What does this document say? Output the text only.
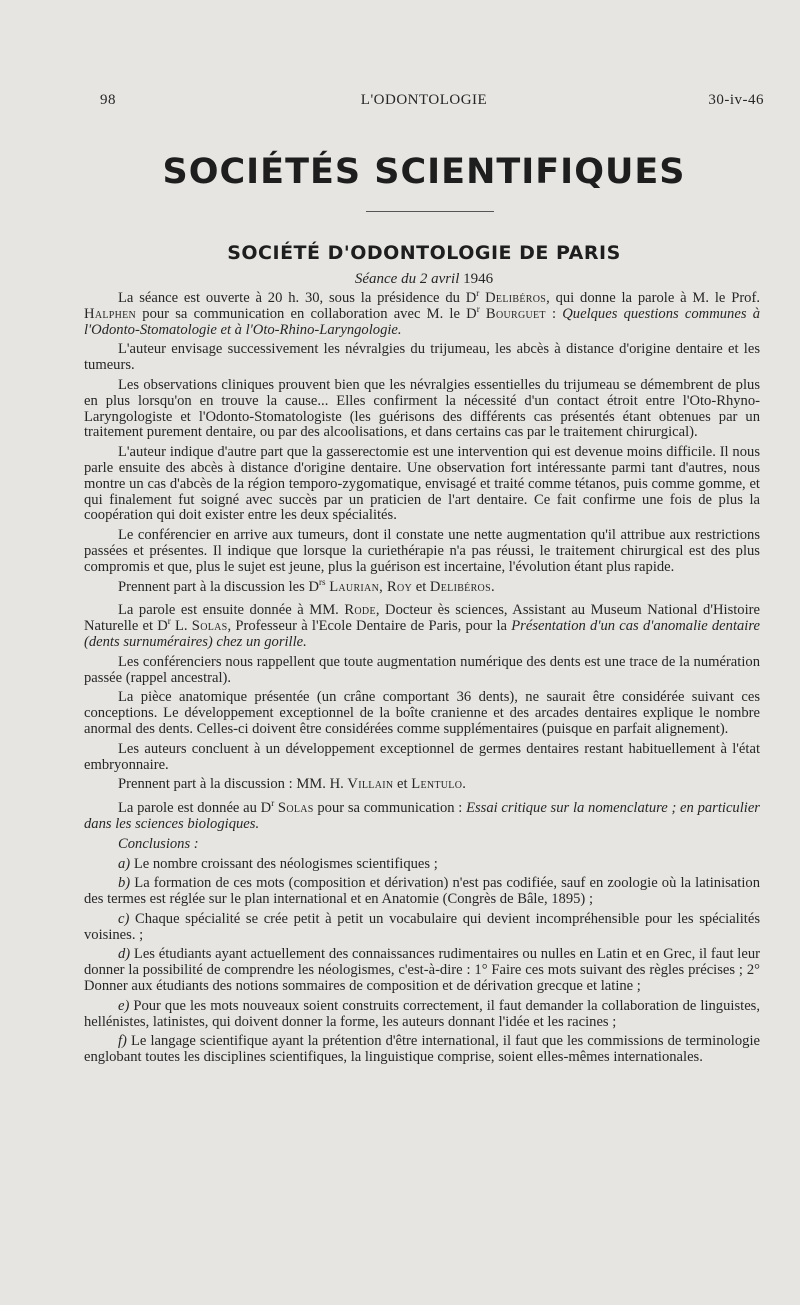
98	L'ODONTOLOGIE	30-iv-46
SOCIÉTÉS SCIENTIFIQUES
SOCIÉTÉ D'ODONTOLOGIE DE PARIS
Séance du 2 avril 1946

La séance est ouverte à 20 h. 30, sous la présidence du $D^r$ Delibéros, qui donne la parole à M. le Prof. Halphen pour sa communication en collaboration avec M. le $D^r$ Bourguet : Quelques questions communes à l'Odonto-Stomatologie et à l'Oto-Rhino-Laryngologie.

L'auteur envisage successivement les névralgies du trijumeau, les abcès à distance d'origine dentaire et les tumeurs.

Les observations cliniques prouvent bien que les névralgies essentielles du trijumeau se démembrent de plus en plus lorsqu'on en trouve la cause... Elles confirment la nécessité d'un contact étroit entre l'Oto-Rhyno-Laryngologiste et l'Odonto-Stomatologiste (les guérisons des différents cas présentés étant obtenues par un traitement purement dentaire, ou par des alcoolisations, et dans certains cas par le traitement chirurgical).

L'auteur indique d'autre part que la gasserectomie est une intervention qui est devenue moins difficile. Il nous parle ensuite des abcès à distance d'origine dentaire. Une observation fort intéressante parmi tant d'autres, nous montre un cas d'abcès de la région temporo-zygomatique, envisagé et traité comme tétanos, puis comme gomme, et qui finalement fut soigné avec succès par un praticien de l'art dentaire. Ce fait confirme une fois de plus la coopération qui doit exister entre les deux spécialités.

Le conférencier en arrive aux tumeurs, dont il constate une nette augmentation qu'il attribue aux restrictions passées et présentes. Il indique que lorsque la curiethérapie n'a pas réussi, le traitement chirurgical est des plus compromis et que, plus le sujet est jeune, plus la guérison est incertaine, l'évolution étant plus rapide.

Prennent part à la discussion les $D^{rs}$ Laurian, Roy et Delibéros.

La parole est ensuite donnée à MM. Rode, Docteur ès sciences, Assistant au Museum National d'Histoire Naturelle et $D^r$ L. Solas, Professeur à l'Ecole Dentaire de Paris, pour la Présentation d'un cas d'anomalie dentaire (dents surnuméraires) chez un gorille.

Les conférenciers nous rappellent que toute augmentation numérique des dents est une trace de la numération passée (rappel ancestral).

La pièce anatomique présentée (un crâne comportant 36 dents), ne saurait être considérée suivant ces conceptions. Le développement exceptionnel de la boîte cranienne et des arcades dentaires explique le nombre anormal des dents. Celles-ci doivent être considérées comme supplémentaires (puisque en parfait alignement).

Les auteurs concluent à un développement exceptionnel de germes dentaires restant habituellement à l'état embryonnaire.

Prennent part à la discussion : MM. H. Villain et Lentulo.

La parole est donnée au $D^r$ Solas pour sa communication : Essai critique sur la nomenclature ; en particulier dans les sciences biologiques.

Conclusions :

a) Le nombre croissant des néologismes scientifiques ;

b) La formation de ces mots (composition et dérivation) n'est pas codifiée, sauf en zoologie où la latinisation des termes est réglée sur le plan international et en Anatomie (Congrès de Bâle, 1895) ;

c) Chaque spécialité se crée petit à petit un vocabulaire qui devient incompréhensible pour les spécialités voisines. ;

d) Les étudiants ayant actuellement des connaissances rudimentaires ou nulles en Latin et en Grec, il faut leur donner la possibilité de comprendre les néologismes, c'est-à-dire : 1° Faire ces mots suivant des règles précises ; 2° Donner aux étudiants des notions sommaires de composition et de dérivation grecque et latine ;

e) Pour que les mots nouveaux soient construits correctement, il faut demander la collaboration de linguistes, hellénistes, latinistes, qui doivent donner la forme, les auteurs donnant l'idée et les racines ;

f) Le langage scientifique ayant la prétention d'être international, il faut que les commissions de terminologie englobant toutes les disciplines scientifiques, la linguistique comprise, soient elles-mêmes internationales.
